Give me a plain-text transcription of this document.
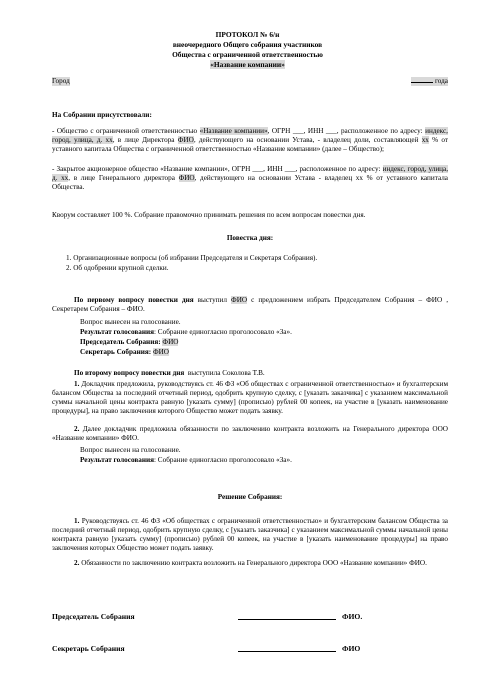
ПРОТОКОЛ № 6/н
внеочередного Общего собрания участников
Общества с ограниченной ответственностью
«Название компании»
Город	года
На Собрании присутствовали:
- Общество с ограниченной ответственностью «Название компании», ОГРН ___, ИНН ___, расположенное по адресу: индекс, город, улица, д. хх, в лице Директора ФИО, действующего на основании Устава, - владелец доли, составляющей хх % от уставного капитала Общества с ограниченной ответственностью «Название компании» (далее – Общество);
- Закрытое акционерное общество «Название компании», ОГРН ___, ИНН ___, расположенное по адресу: индекс, город, улица, д. хх, в лице Генерального директора ФИО, действующего на основании Устава - владелец хх % от уставного капитала Общества.
Кворум составляет 100 %. Собрание правомочно принимать решения по всем вопросам повестки дня.
Повестка дня:
1. Организационные вопросы (об избрании Председателя и Секретаря Собрания).
2. Об одобрении крупной сделки.
По первому вопросу повестки дня выступил ФИО с предложением избрать Председателем Собрания – ФИО , Секретарем Собрания – ФИО.
Вопрос вынесен на голосование.
Результат голосования: Собрание единогласно проголосовало «За».
Председатель Собрания: ФИО
Секретарь Собрания: ФИО
По второму вопросу повестки дня выступила Соколова Т.В.
1. Докладчик предложила, руководствуясь ст. 46 ФЗ «Об обществах с ограниченной ответственностью» и бухгалтерским балансом Общества за последний отчетный период, одобрить крупную сделку, с [указать заказчика] с указанием максимальной суммы начальной цены контракта равную [указать сумму] (прописью) рублей 00 копеек, на участие в [указать наименование процедуры], на право заключения которого Общество может подать заявку.
2. Далее докладчик предложила обязанности по заключению контракта возложить на Генерального директора ООО «Название компании» ФИО.
Вопрос вынесен на голосование.
Результат голосования: Собрание единогласно проголосовало «За».
Решение Собрания:
1. Руководствуясь ст. 46 ФЗ «Об обществах с ограниченной ответственностью» и бухгалтерским балансом Общества за последний отчетный период, одобрить крупную сделку, с [указать заказчика] с указанием максимальной суммы начальной цены контракта равную [указать сумму] (прописью) рублей 00 копеек, на участие в [указать наименование процедуры] на право заключения которых Общество может подать заявку.
2. Обязанности по заключению контракта возложить на Генерального директора ООО «Название компании» ФИО.
Председатель Собрания	ФИО.
Секретарь Собрания	ФИО
